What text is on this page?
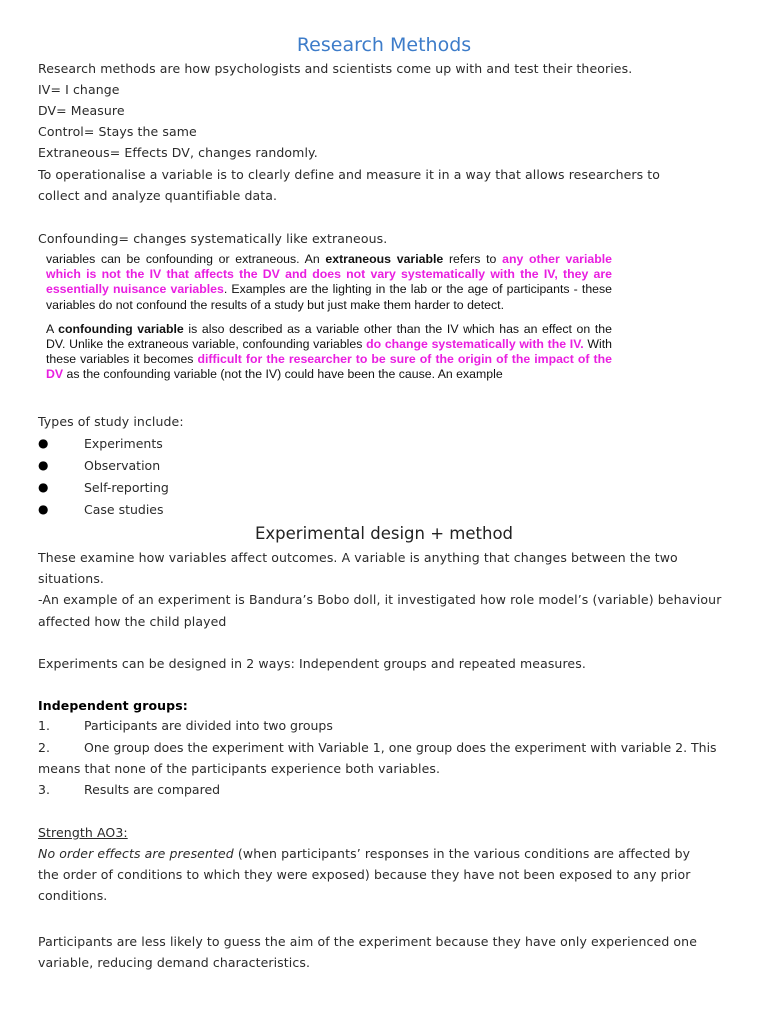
Research Methods
Research methods are how psychologists and scientists come up with and test their theories.
IV= I change
DV= Measure
Control= Stays the same
Extraneous= Effects DV, changes randomly.
To operationalise a variable is to clearly define and measure it in a way that allows researchers to
collect and analyze quantifiable data.
Confounding= changes systematically like extraneous.

variables can be confounding or extraneous. An extraneous variable refers to any other variable which is not the IV that affects the DV and does not vary systematically with the IV, they are essentially nuisance variables. Examples are the lighting in the lab or the age of participants - these variables do not confound the results of a study but just make them harder to detect.

A confounding variable is also described as a variable other than the IV which has an effect on the DV. Unlike the extraneous variable, confounding variables do change systematically with the IV. With these variables it becomes difficult for the researcher to be sure of the origin of the impact of the DV as the confounding variable (not the IV) could have been the cause. An example

Types of study include:
●	Experiments
●	Observation
●	Self-reporting
●	Case studies
Experimental design + method
These examine how variables affect outcomes. A variable is anything that changes between the two
situations.
-An example of an experiment is Bandura’s Bobo doll, it investigated how role model’s (variable) behaviour
affected how the child played
Experiments can be designed in 2 ways: Independent groups and repeated measures.
Independent groups:
1.	Participants are divided into two groups
2.	One group does the experiment with Variable 1, one group does the experiment with variable 2. This
means that none of the participants experience both variables.
3.	Results are compared
Strength AO3:
No order effects are presented (when participants’ responses in the various conditions are affected by
the order of conditions to which they were exposed) because they have not been exposed to any prior
conditions.
Participants are less likely to guess the aim of the experiment because they have only experienced one
variable, reducing demand characteristics.
